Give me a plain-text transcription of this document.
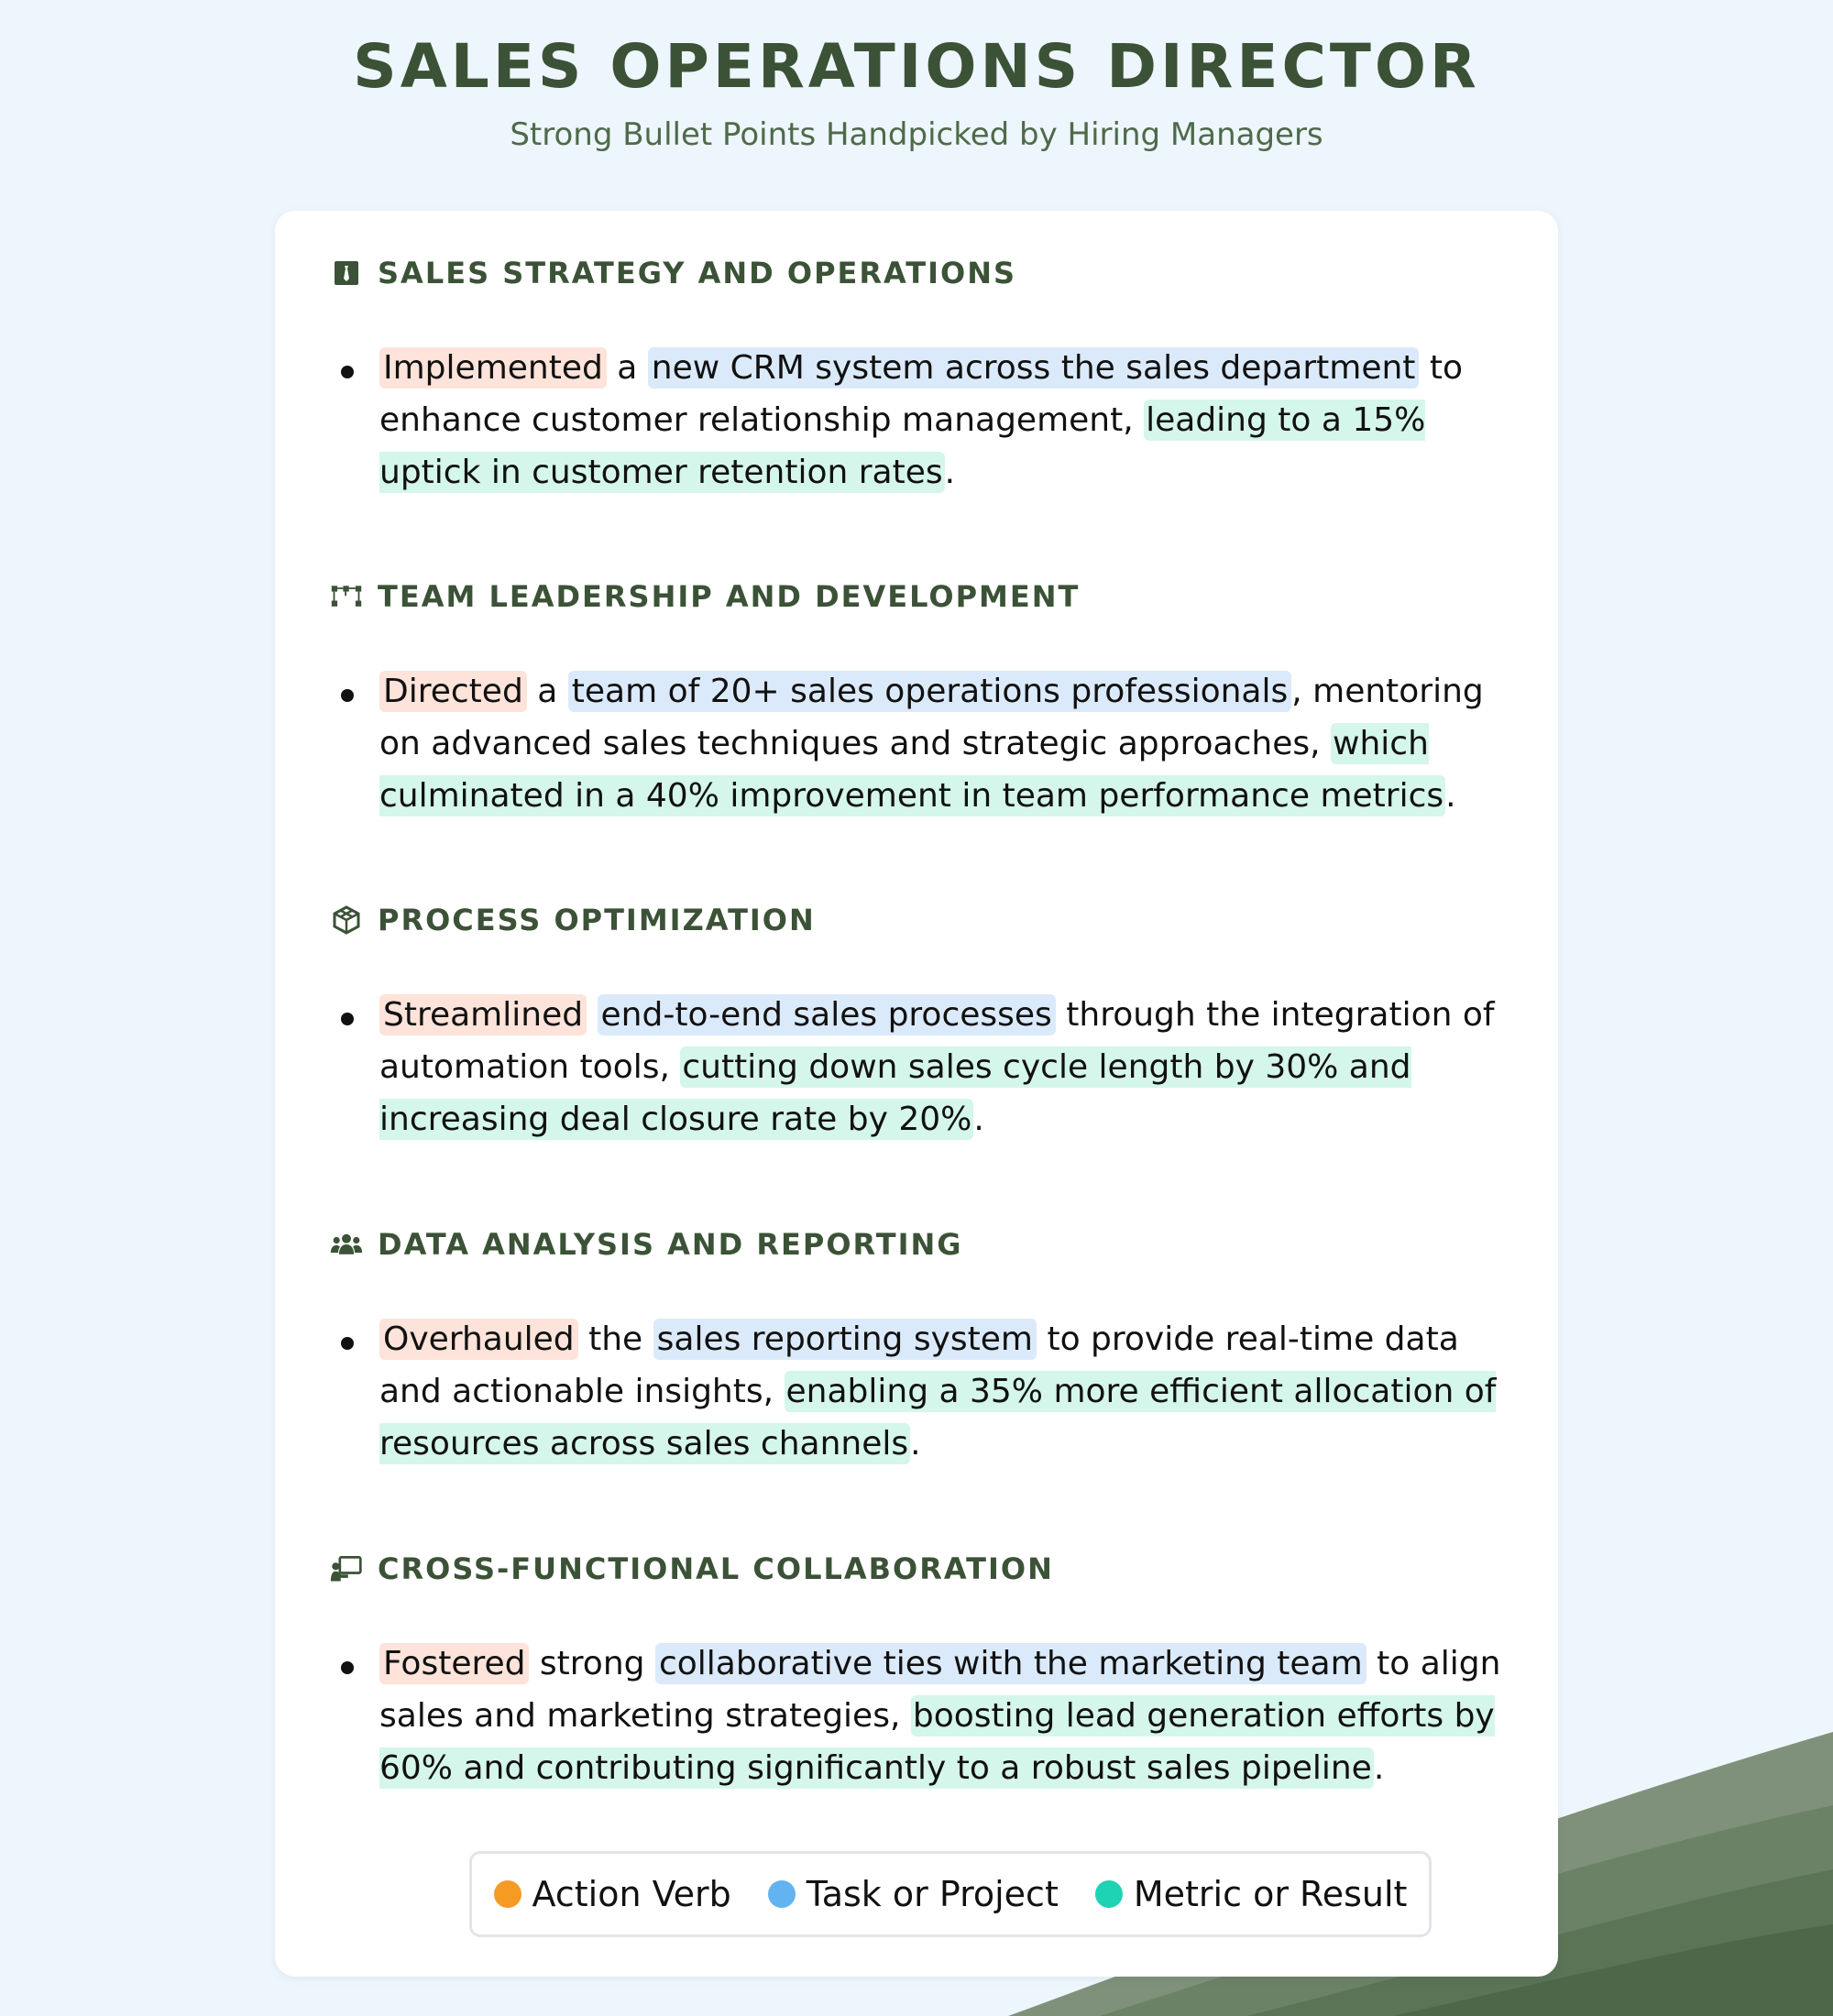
SALES OPERATIONS DIRECTOR
Strong Bullet Points Handpicked by Hiring Managers
SALES STRATEGY AND OPERATIONS
Implemented a new CRM system across the sales department to enhance customer relationship management, leading to a 15% uptick in customer retention rates.
TEAM LEADERSHIP AND DEVELOPMENT
Directed a team of 20+ sales operations professionals , mentoring on advanced sales techniques and strategic approaches, which culminated in a 40% improvement in team performance metrics.
PROCESS OPTIMIZATION
Streamlined end-to-end sales processes through the integration of automation tools, cutting down sales cycle length by 30% and increasing deal closure rate by 20%.
DATA ANALYSIS AND REPORTING
Overhauled the sales reporting system to provide real-time data and actionable insights, enabling a 35% more efficient allocation of resources across sales channels.
CROSS-FUNCTIONAL COLLABORATION
Fostered strong collaborative ties with the marketing team to align sales and marketing strategies, boosting lead generation efforts by 60% and contributing significantly to a robust sales pipeline.
Action Verb Task or Project Metric or Result
